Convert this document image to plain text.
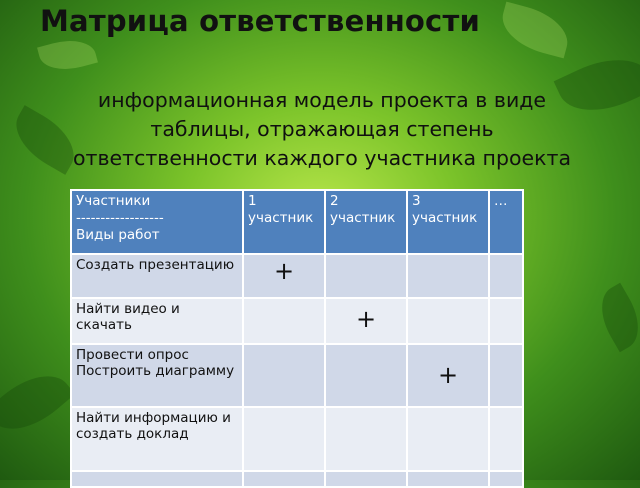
Матрица ответственности

информационная модель проекта в виде таблицы, отражающая степень ответственности каждого участника проекта

Участники
------------------
Виды работ	1 участник	2 участник	3 участник	…
Создать презентацию	+			

Найти видео и скачать		+		

Провести опрос Построить диаграмму			+	

Найти информацию и создать доклад	
